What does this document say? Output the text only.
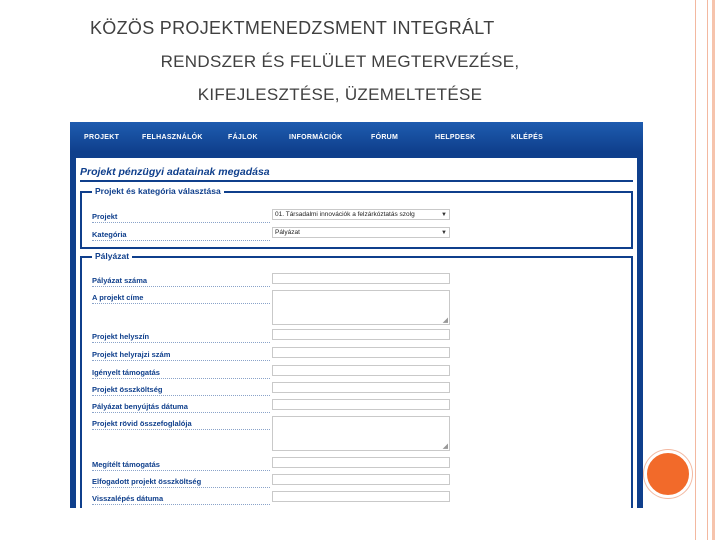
KÖZÖS PROJEKTMENEDZSMENT INTEGRÁLT
RENDSZER ÉS FELÜLET MEGTERVEZÉSE,
KIFEJLESZTÉSE, ÜZEMELTETÉSE
PROJEKT	FELHASZNÁLÓK	FÁJLOK	INFORMÁCIÓK	FÓRUM	HELPDESK	KILÉPÉS
Projekt pénzügyi adatainak megadása
Projekt és kategória választása
Projekt	01. Társadalmi innovációk a felzárkóztatás szolg	▼
Kategória	Pályázat	▼
Pályázat
Pályázat száma
A projekt címe
◢
Projekt helyszín
Projekt helyrajzi szám
Igényelt támogatás
Projekt összköltség
Pályázat benyújtás dátuma
Projekt rövid összefoglalója
◢
Megítélt támogatás
Elfogadott projekt összköltség
Visszalépés dátuma
